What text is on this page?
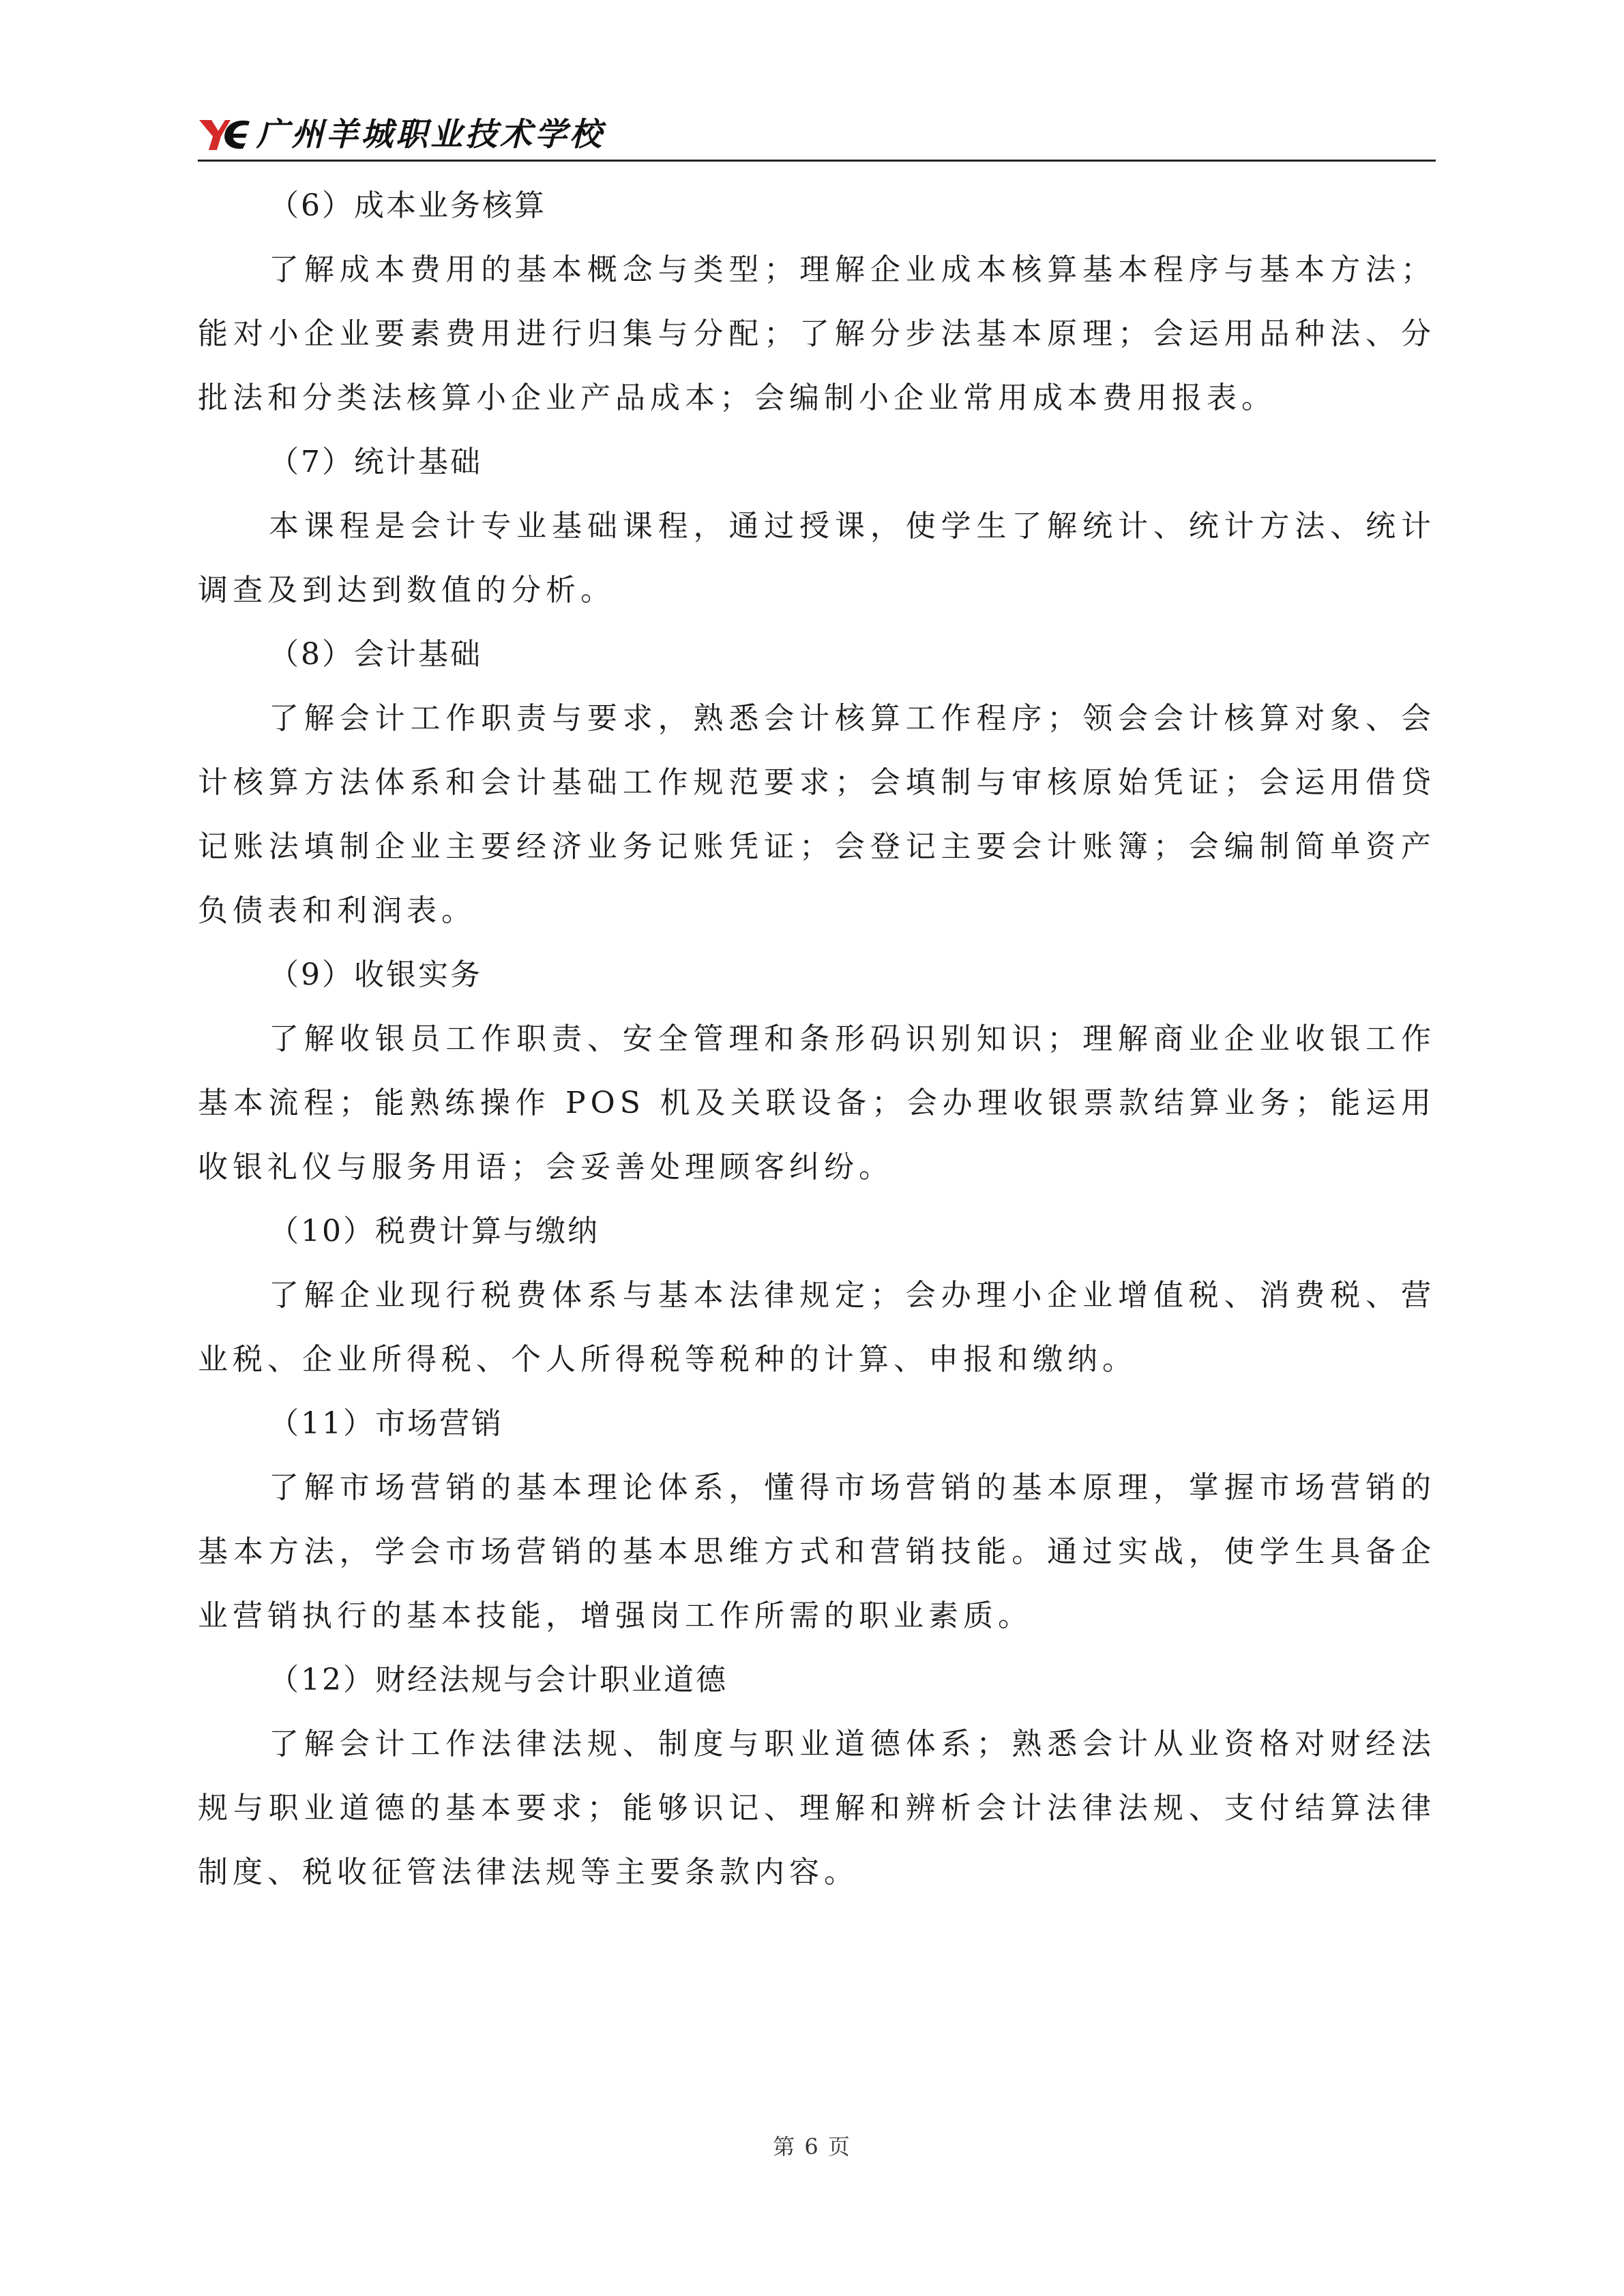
广州羊城职业技术学校
（6）成本业务核算

了解成本费用的基本概念与类型；理解企业成本核算基本程序与基本方法；能对小企业要素费用进行归集与分配；了解分步法基本原理；会运用品种法、分批法和分类法核算小企业产品成本；会编制小企业常用成本费用报表。

（7）统计基础

本课程是会计专业基础课程，通过授课，使学生了解统计、统计方法、统计调查及到达到数值的分析。

（8）会计基础

了解会计工作职责与要求，熟悉会计核算工作程序；领会会计核算对象、会计核算方法体系和会计基础工作规范要求；会填制与审核原始凭证；会运用借贷记账法填制企业主要经济业务记账凭证；会登记主要会计账簿；会编制简单资产负债表和利润表。

（9）收银实务

了解收银员工作职责、安全管理和条形码识别知识；理解商业企业收银工作基本流程；能熟练操作 POS 机及关联设备；会办理收银票款结算业务；能运用收银礼仪与服务用语；会妥善处理顾客纠纷。

（10）税费计算与缴纳

了解企业现行税费体系与基本法律规定；会办理小企业增值税、消费税、营业税、企业所得税、个人所得税等税种的计算、申报和缴纳。

（11）市场营销

了解市场营销的基本理论体系，懂得市场营销的基本原理，掌握市场营销的基本方法，学会市场营销的基本思维方式和营销技能。通过实战，使学生具备企业营销执行的基本技能，增强岗工作所需的职业素质。

（12）财经法规与会计职业道德

了解会计工作法律法规、制度与职业道德体系；熟悉会计从业资格对财经法规与职业道德的基本要求；能够识记、理解和辨析会计法律法规、支付结算法律制度、税收征管法律法规等主要条款内容。

第 6 页
